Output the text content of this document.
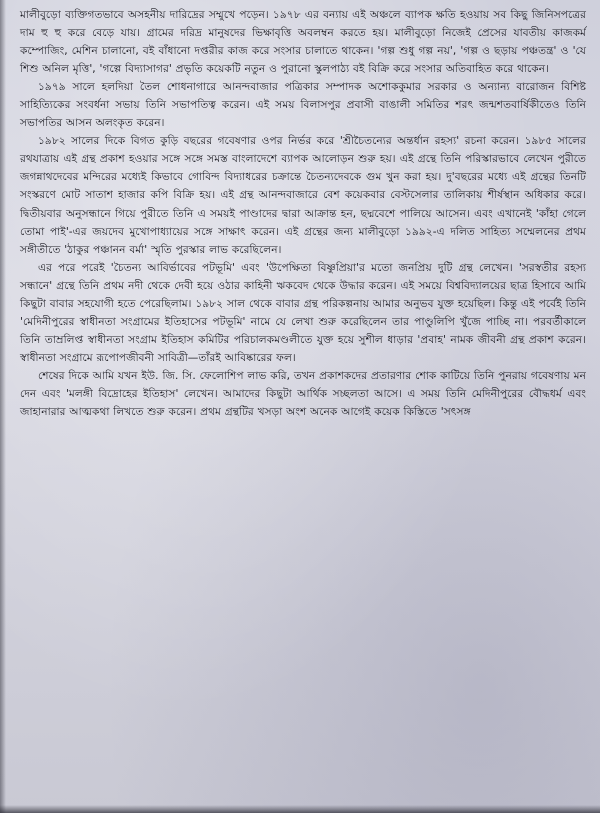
মালীবুড়ো ব্যক্তিগতভাবে অসহনীয় দারিদ্রের সম্মুখে পড়েন। ১৯৭৮ এর বন্যায় এই অঞ্চলে ব্যাপক ক্ষতি হওয়ায় সব কিছু জিনিসপত্রের দাম হু হু করে বেড়ে যায়। গ্রামের দরিদ্র মানুষদের ভিক্ষাবৃত্তি অবলম্বন করতে হয়। মালীবুড়ো নিজেই প্রেসের যাবতীয় কাজকর্ম কম্পোজিং, মেশিন চালানো, বই বাঁধানো দপ্তরীর কাজ করে সংসার চালাতে থাকেন। 'গল্প শুধু গল্প নয়', 'গল্প ও ছড়ায় পঞ্চতন্ত্র' ও 'যে শিশু অনিল মৃত্তি', 'গল্পে বিদ্যাসাগর' প্রভৃতি কয়েকটি নতুন ও পুরানো স্কুলপাঠ্য বই বিক্রি করে সংসার অতিবাহিত করে থাকেন।

১৯৭৯ সালে হলদিয়া তৈল শোধনাগারে আনন্দবাজার পত্রিকার সম্পাদক অশোককুমার সরকার ও অন্যান্য বারোজন বিশিষ্ট সাহিত্যিকের সংবর্ধনা সভায় তিনি সভাপতিত্ব করেন। এই সময় বিলাসপুর প্রবাসী বাঙালী সমিতির শরৎ জন্মশতবার্ষিকীতেও তিনি সভাপতির আসন অলংকৃত করেন।

১৯৮২ সালের দিকে বিগত কুড়ি বছরের গবেষণার ওপর নির্ভর করে 'শ্রীচৈতন্যের অন্তর্ধান রহস্য' রচনা করেন। ১৯৮৫ সালের রথযাত্রায় এই গ্রন্থ প্রকাশ হওয়ার সঙ্গে সঙ্গে সমস্ত বাংলাদেশে ব্যাপক আলোড়ন শুরু হয়। এই গ্রন্থে তিনি পরিস্কারভাবে লেখেন পুরীতে জগন্নাথদেবের মন্দিরের মধ্যেই কিভাবে গোবিন্দ বিদ্যাধরের চক্রান্তে চৈতন্যদেবকে গুম খুন করা হয়। দু'বছরের মধ্যে এই গ্রন্থের তিনটি সংস্করণে মোট সাতাশ হাজার কপি বিক্রি হয়। এই গ্রন্থ আনন্দবাজারে বেশ কয়েকবার বেস্টসেলার তালিকায় শীর্ষস্থান অধিকার করে। দ্বিতীয়বার অনুসন্ধানে গিয়ে পুরীতে তিনি এ সময়ই পাণ্ডাদের দ্বারা আক্রান্ত হন, ছদ্মবেশে পালিয়ে আসেন। এবং এখানেই 'কাঁহা গেলে তোমা পাই'-এর জয়দেব মুখোপাধ্যায়ের সঙ্গে সাক্ষাৎ করেন। এই গ্রন্থের জন্য মালীবুড়ো ১৯৯২-এ দলিত সাহিত্য সম্মেলনের প্রথম সঙ্গীতীতে 'ঠাকুর পঞ্চানন বর্মা' স্মৃতি পুরস্কার লাভ করেছিলেন।

এর পরে পরেই 'চৈতন্য আবির্ভাবের পটভূমি' এবং 'উপেক্ষিতা বিষ্ণুপ্রিয়া'র মতো জনপ্রিয় দুটি গ্রন্থ লেখেন। 'সরস্বতীর রহস্য সন্ধানে' গ্রন্থে তিনি প্রথম নদী থেকে দেবী হয়ে ওঠার কাহিনী ঋকবেদ থেকে উদ্ধার করেন। এই সময়ে বিশ্ববিদ্যালয়ের ছাত্র হিসাবে আমি কিছুটা বাবার সহযোগী হতে পেরেছিলাম। ১৯৮২ সাল থেকে বাবার গ্রন্থ পরিকল্পনায় আমার অনুভব যুক্ত হয়েছিল। কিন্তু এই পর্বেই তিনি 'মেদিনীপুরের স্বাধীনতা সংগ্রামের ইতিহাসের পটভূমি' নামে যে লেখা শুরু করেছিলেন তার পাণ্ডুলিপি খুঁজে পাচ্ছি না। পরবর্তীকালে তিনি তাম্রলিপ্ত স্বাধীনতা সংগ্রাম ইতিহাস কমিটির পরিচালকমণ্ডলীতে যুক্ত হয়ে সুশীল ধাড়ার 'প্রবাহ' নামক জীবনী গ্রন্থ প্রকাশ করেন। স্বাধীনতা সংগ্রামে রূপোপজীবনী সাবিত্রী—তাঁরই আবিষ্কারের ফল।

শেষের দিকে আমি যখন ইউ. জি. সি. ফেলোশিপ লাভ করি, তখন প্রকাশকদের প্রতারণার শোক কাটিয়ে তিনি পুনরায় গবেষণায় মন দেন এবং 'মলঙ্গী বিদ্রোহের ইতিহাস' লেখেন। আমাদের কিছুটা আর্থিক সচ্ছলতা আসে। এ সময় তিনি মেদিনীপুরের বৌদ্ধধর্ম এবং জাহানারার আত্মকথা লিখতে শুরু করেন। প্রথম গ্রন্থটির খসড়া অংশ অনেক আগেই কয়েক কিস্তিতে 'সৎসঙ্গ
